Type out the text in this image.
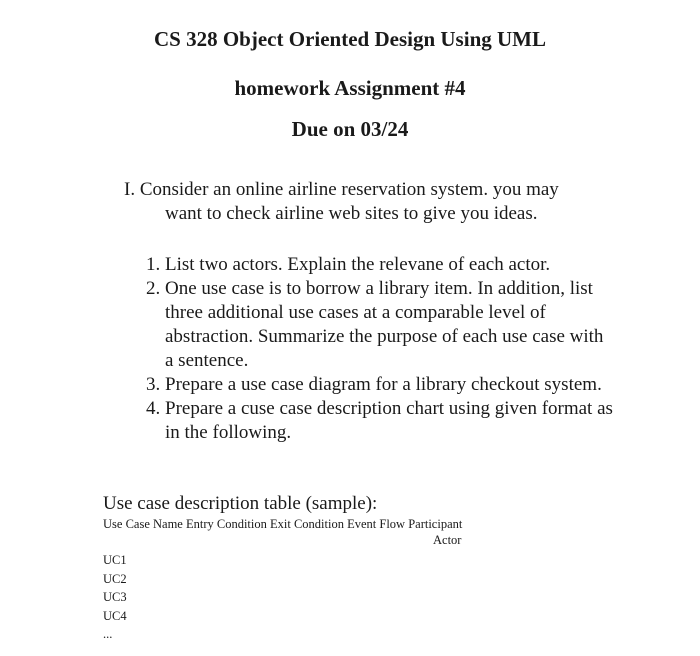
CS 328 Object Oriented Design Using UML
homework Assignment #4
Due on 03/24
I. Consider an online airline reservation system. you may
want to check airline web sites to give you ideas.
1. List two actors. Explain the relevane of each actor.
2. One use case is to borrow a library item. In addition, list three additional use cases at a comparable level of abstraction. Summarize the purpose of each use case with a sentence.
3. Prepare a use case diagram for a library checkout system.
4. Prepare a cuse case description chart using given format as in the following.
Use case description table (sample):
Use Case Name Entry Condition Exit Condition Event Flow Participant
Actor
UC1
UC2
UC3
UC4
...
